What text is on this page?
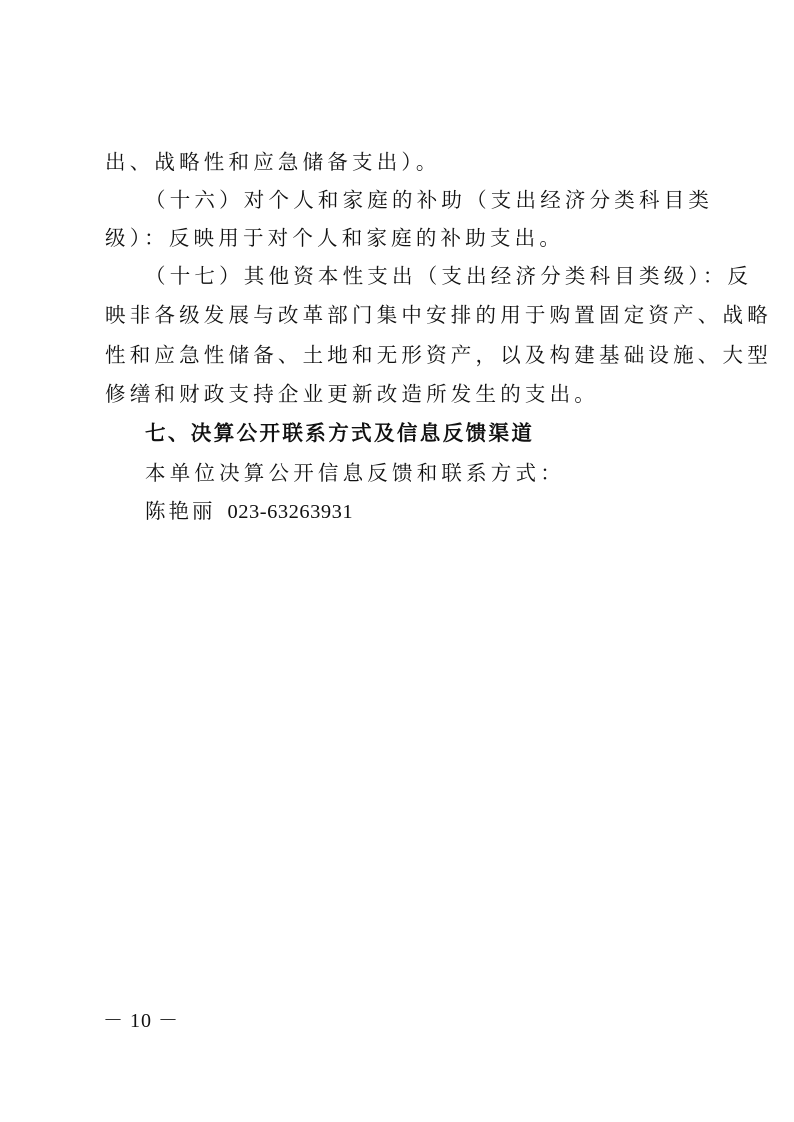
出、战略性和应急储备支出）。
（十六）对个人和家庭的补助（支出经济分类科目类
级）：反映用于对个人和家庭的补助支出。
（十七）其他资本性支出（支出经济分类科目类级）：反
映非各级发展与改革部门集中安排的用于购置固定资产、战略
性和应急性储备、土地和无形资产，以及构建基础设施、大型
修缮和财政支持企业更新改造所发生的支出。
七、决算公开联系方式及信息反馈渠道
本单位决算公开信息反馈和联系方式：
陈艳丽 023-63263931
－ 10 －
